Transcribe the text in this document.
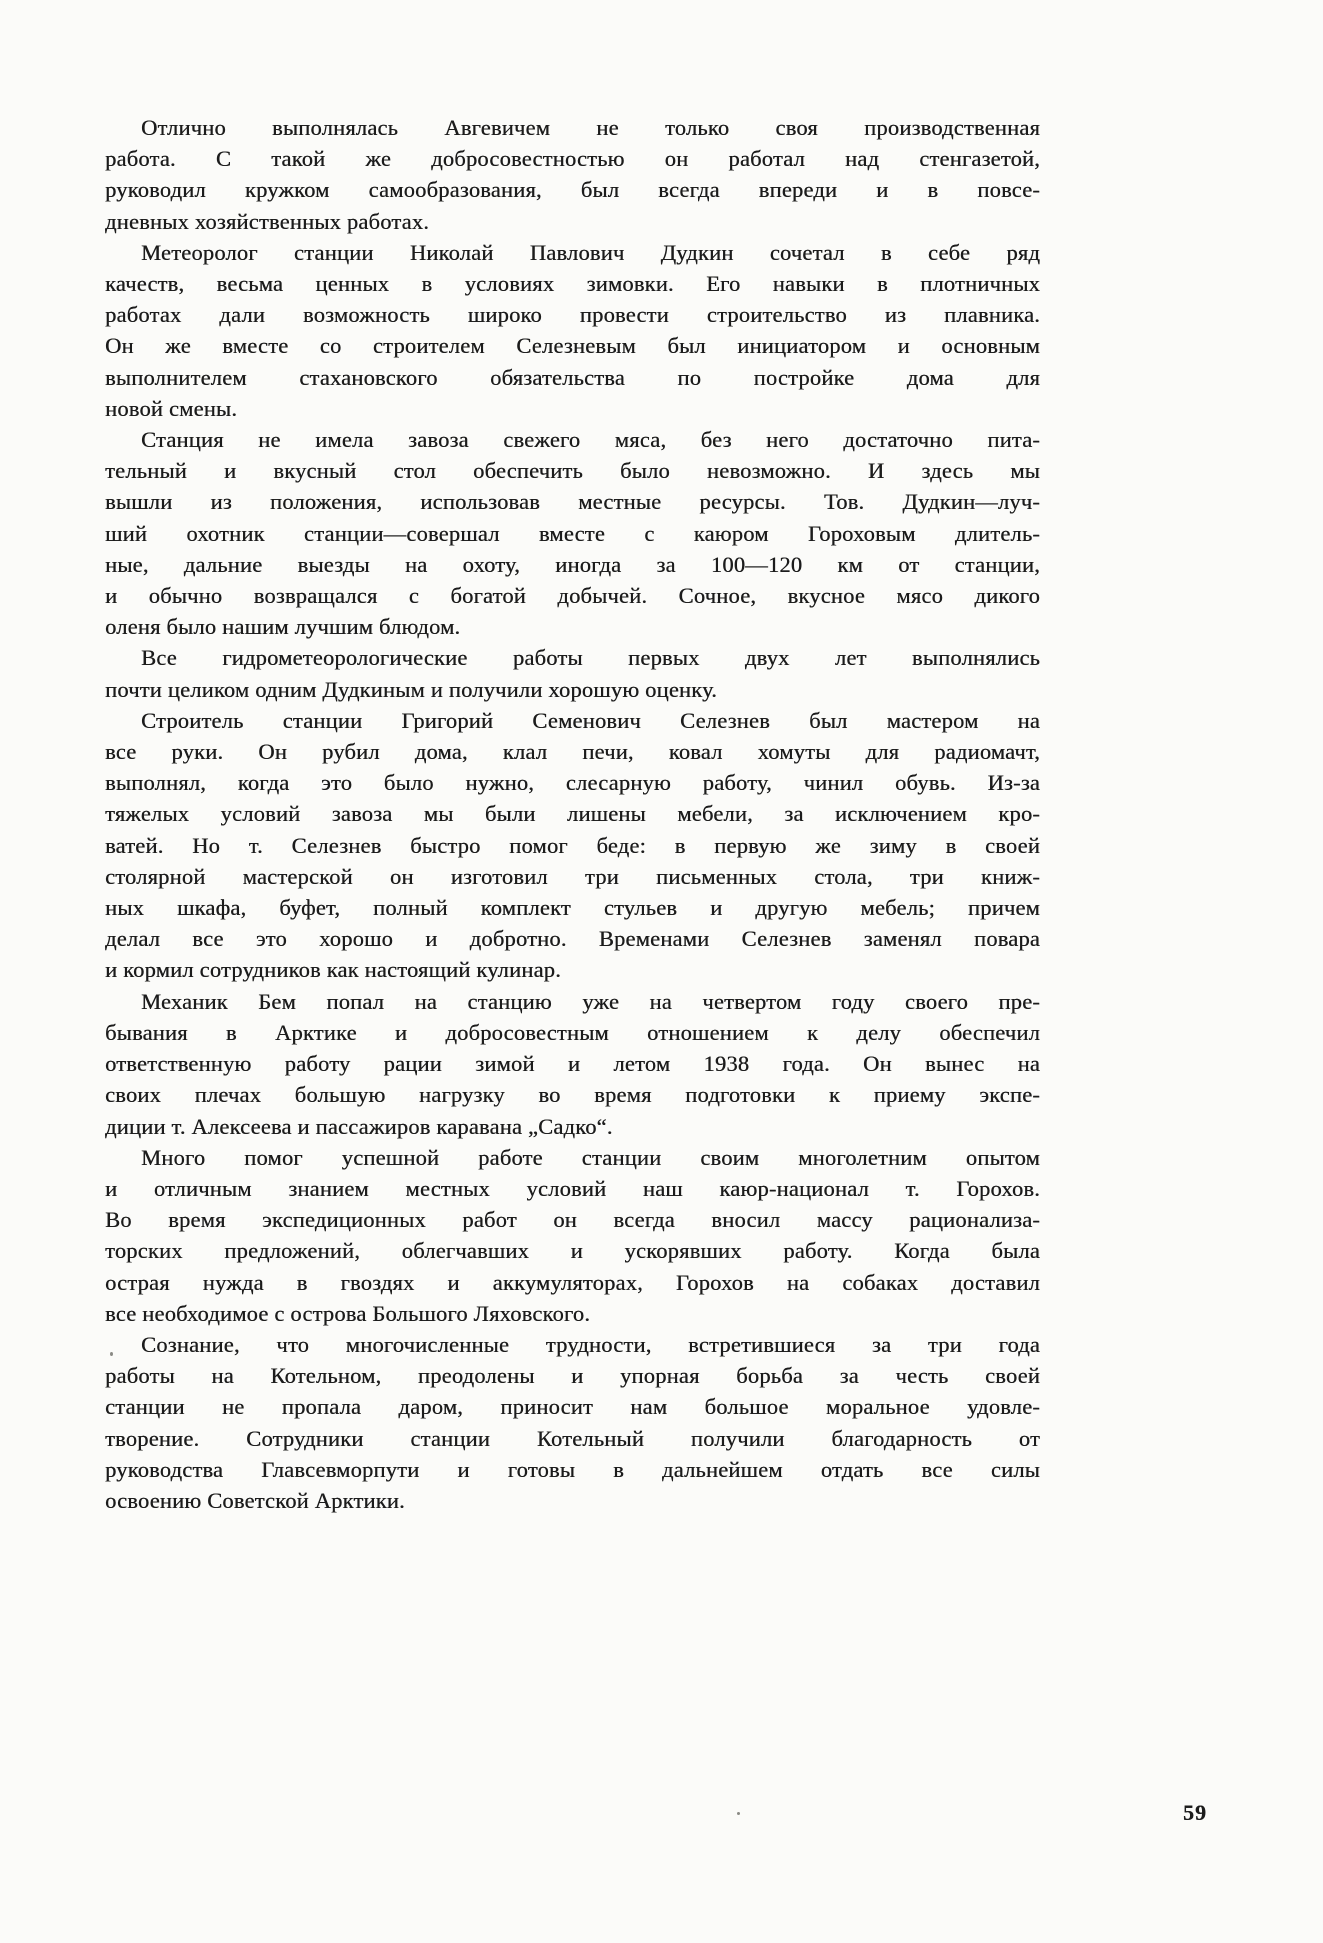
Отлично выполнялась Авгевичем не только своя производственная
работа. С такой же добросовестностью он работал над стенгазетой,
руководил кружком самообразования, был всегда впереди и в повсе-
дневных хозяйственных работах.
Метеоролог станции Николай Павлович Дудкин сочетал в себе ряд
качеств, весьма ценных в условиях зимовки. Его навыки в плотничных
работах дали возможность широко провести строительство из плавника.
Он же вместе со строителем Селезневым был инициатором и основным
выполнителем стахановского обязательства по постройке дома для
новой смены.
Станция не имела завоза свежего мяса, без него достаточно пита-
тельный и вкусный стол обеспечить было невозможно. И здесь мы
вышли из положения, использовав местные ресурсы. Тов. Дудкин—луч-
ший охотник станции—совершал вместе с каюром Гороховым длитель-
ные, дальние выезды на охоту, иногда за 100—120 км от станции,
и обычно возвращался с богатой добычей. Сочное, вкусное мясо дикого
оленя было нашим лучшим блюдом.
Все гидрометеорологические работы первых двух лет выполнялись
почти целиком одним Дудкиным и получили хорошую оценку.
Строитель станции Григорий Семенович Селезнев был мастером на
все руки. Он рубил дома, клал печи, ковал хомуты для радиомачт,
выполнял, когда это было нужно, слесарную работу, чинил обувь. Из-за
тяжелых условий завоза мы были лишены мебели, за исключением кро-
ватей. Но т. Селезнев быстро помог беде: в первую же зиму в своей
столярной мастерской он изготовил три письменных стола, три книж-
ных шкафа, буфет, полный комплект стульев и другую мебель; причем
делал все это хорошо и добротно. Временами Селезнев заменял повара
и кормил сотрудников как настоящий кулинар.
Механик Бем попал на станцию уже на четвертом году своего пре-
бывания в Арктике и добросовестным отношением к делу обеспечил
ответственную работу рации зимой и летом 1938 года. Он вынес на
своих плечах большую нагрузку во время подготовки к приему экспе-
диции т. Алексеева и пассажиров каравана „Садко“.
Много помог успешной работе станции своим многолетним опытом
и отличным знанием местных условий наш каюр-национал т. Горохов.
Во время экспедиционных работ он всегда вносил массу рационализа-
торских предложений, облегчавших и ускорявших работу. Когда была
острая нужда в гвоздях и аккумуляторах, Горохов на собаках доставил
все необходимое с острова Большого Ляховского.
Сознание, что многочисленные трудности, встретившиеся за три года
работы на Котельном, преодолены и упорная борьба за честь своей
станции не пропала даром, приносит нам большое моральное удовле-
творение. Сотрудники станции Котельный получили благодарность от
руководства Главсевморпути и готовы в дальнейшем отдать все силы
освоению Советской Арктики.
59
